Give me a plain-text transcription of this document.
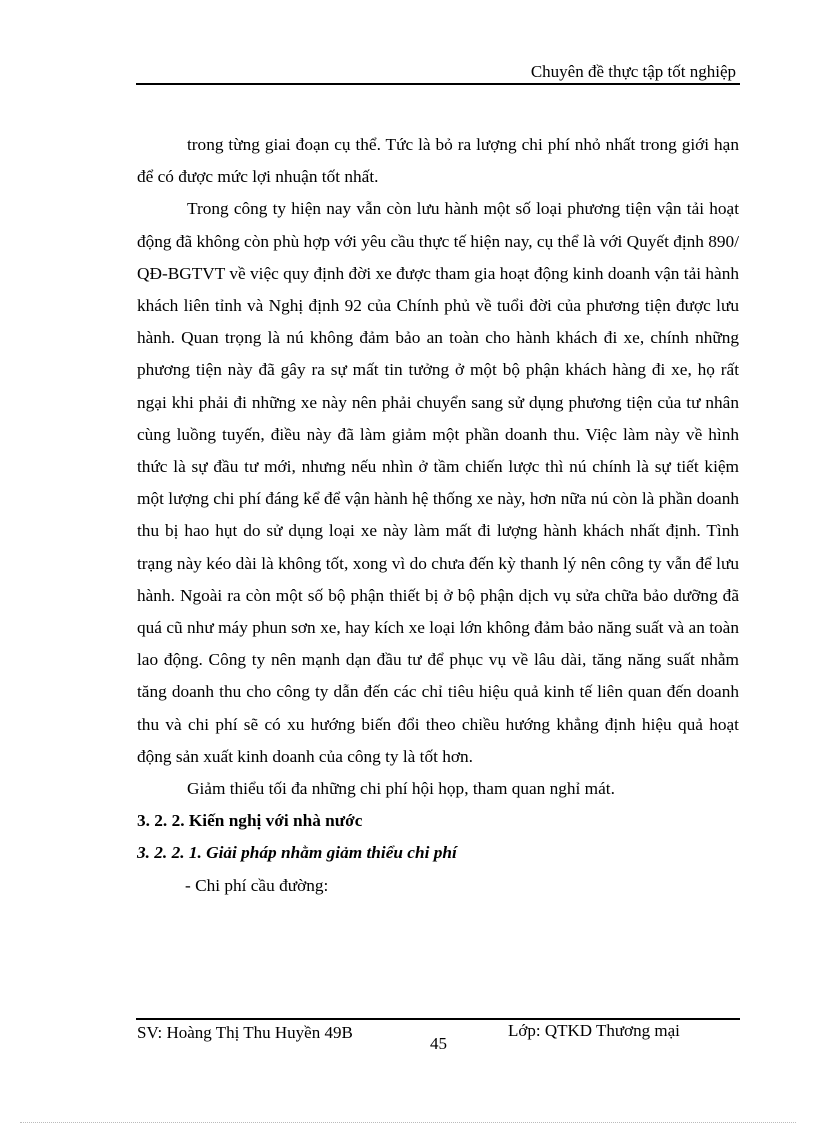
Chuyên đề thực tập tốt nghiệp

trong từng giai đoạn cụ thể. Tức là bỏ ra lượng chi phí nhỏ nhất trong giới hạn để có được mức lợi nhuận tốt nhất.

Trong công ty hiện nay vẫn còn lưu hành một số loại phương tiện vận tải hoạt động đã không còn phù hợp với yêu cầu thực tế hiện nay, cụ thể là với Quyết định 890/ QĐ-BGTVT về việc quy định đời xe được tham gia hoạt động kinh doanh vận tải hành khách liên tỉnh và Nghị định 92 của Chính phủ về tuổi đời của phương tiện được lưu hành. Quan trọng là nú không đảm bảo an toàn cho hành khách đi xe, chính những phương tiện này đã gây ra sự mất tin tưởng ở một bộ phận khách hàng đi xe, họ rất ngại khi phải đi những xe này nên phải chuyển sang sử dụng phương tiện của tư nhân cùng luồng tuyến, điều này đã làm giảm một phần doanh thu. Việc làm này về hình thức là sự đầu tư mới, nhưng nếu nhìn ở tầm chiến lược thì nú chính là sự tiết kiệm một lượng chi phí đáng kể để vận hành hệ thống xe này, hơn nữa nú còn là phần doanh thu bị hao hụt do sử dụng loại xe này làm mất đi lượng hành khách nhất định. Tình trạng này kéo dài là không tốt, xong vì do chưa đến kỳ thanh lý nên công ty vẫn để lưu hành. Ngoài ra còn một số bộ phận thiết bị ở bộ phận dịch vụ sửa chữa bảo dưỡng đã quá cũ như máy phun sơn xe, hay kích xe loại lớn không đảm bảo năng suất và an toàn lao động. Công ty nên mạnh dạn đầu tư để phục vụ về lâu dài, tăng năng suất nhằm tăng doanh thu cho công ty dẫn đến các chỉ tiêu hiệu quả kinh tế liên quan đến doanh thu và chi phí sẽ có xu hướng biến đổi theo chiều hướng khẳng định hiệu quả hoạt động sản xuất kinh doanh của công ty là tốt hơn.

Giảm thiểu tối đa những chi phí hội họp, tham quan nghỉ mát.

3. 2. 2. Kiến nghị với nhà nước

3. 2. 2. 1. Giải pháp nhằm giảm thiểu chi phí

- Chi phí cầu đường:

SV: Hoàng Thị Thu Huyền 49B
45
Lớp: QTKD Thương mại
